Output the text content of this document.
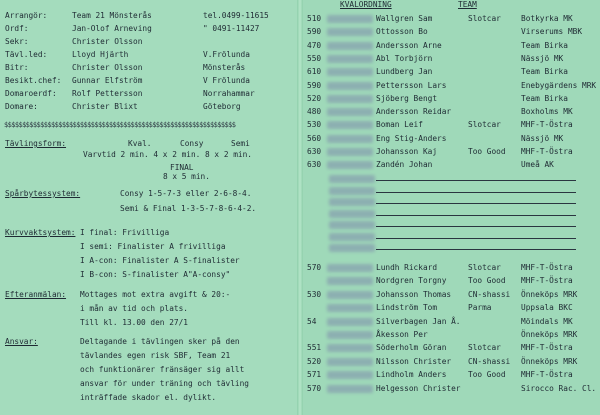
Arrangör:	Team 21 Mönsterås	tel.0499-11615
Ordf:	Jan-Olof Arneving	" 0491-11427
Sekr:	Christer Olsson
Tävl.led:	Lloyd Hjärth	V.Frölunda
Bitr:	Christer Olsson	Mönsterås
Besikt.chef: Gunnar Elfström	V Frölunda
Domaroerdf: Rolf Pettersson	Norrahammar
Domare:	Christer Blixt	Göteborg
$$$$$$$$$$$$$$$$$$$$$$$$$$$$$$$$$$$$$$$$$$$$$$$$$$$$$$$$$$$$$$$$
Tävlingsform:	Kval.	Consy	Semi
Varvtid 2 min. 4 x 2 min. 8 x 2 min.
FINAL
8 x 5 min.
Spårbytessystem:	Consy 1-5-7-3 eller 2-6-8-4.
Semi & Final 1-3-5-7-8-6-4-2.
Kurvvaktsystem: I final: Frivilliga
I semi: Finalister A frivilliga
I A-con: Finalister A S-finalister
I B-con: S-finalister A"A-consy"
Efteranmälan: Mottages mot extra avgift & 20:-
i mån av tid och plats.
Till kl. 13.00 den 27/1
Ansvar:	Deltagande i tävlingen sker på den
tävlandes egen risk SBF, Team 21
och funktionärer fränsäger sig allt
ansvar för under träning och tävling
inträffade skador el. dylikt.
KVALORDNING	TEAM
510	Wallgren Sam	Slotcar	Botkyrka MK
590	Ottosson Bo	Virserums MBK
470	Andersson Arne	Team Birka
550	Abl Torbjörn	Nässjö MK
610	Lundberg Jan	Team Birka
590	Pettersson Lars	Enebygärdens MRK
520	Sjöberg Bengt	Team Birka
480	Andersson Reidar	Boxholms MK
530	Boman Leif	Slotcar	MHF-T-Östra
560	Eng Stig-Anders	Nässjö MK
630	Johansson Kaj	Too Good MHF-T-Östra
630	Zandén Johan	Umeå AK
570	Lundh Rickard	Slotcar	MHF-T-Östra
Nordgren Torgny	Too Good MHF-T-Östra
530	Johansson Thomas CN-shassi Önneköps MRK
Lindström Tom	Parma	Uppsala BKC
54	Silverbagen Jan Å.	Möindals MK
Åkesson Per	Önneköps MRK
551	Söderholm Göran	Slotcar	MHF-T-Östra
520	Nilsson Christer CN-shassi Önneköps MRK
571	Lindholm Anders	Too Good MHF-T-Östra
570	Helgesson Christer	Sirocco Rac. Cl.
